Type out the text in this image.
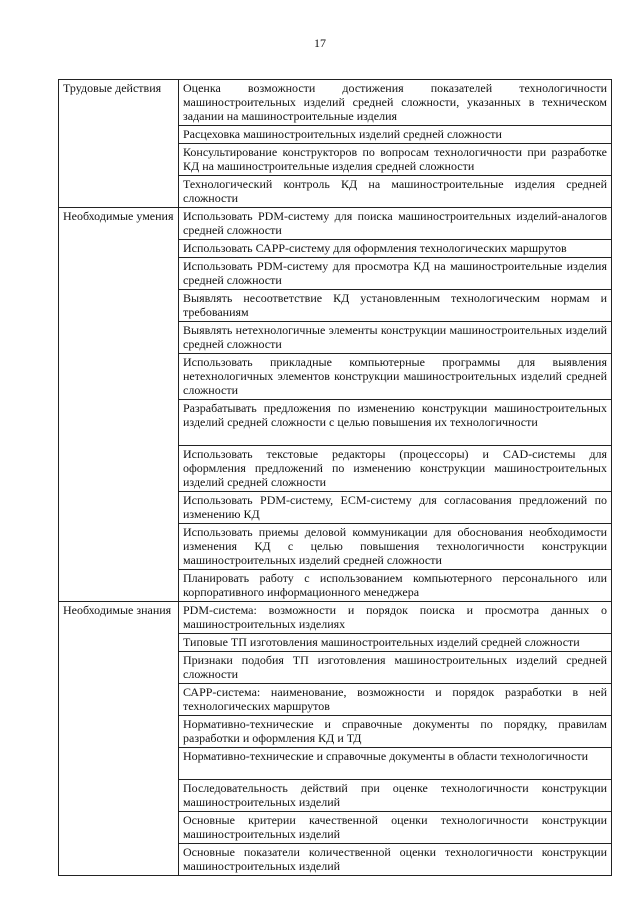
17
Трудовые действия	Оценка возможности достижения показателей технологичности машиностроительных изделий средней сложности, указанных в техническом задании на машиностроительные изделия
	Расцеховка машиностроительных изделий средней сложности
	Консультирование конструкторов по вопросам технологичности при разработке КД на машиностроительные изделия средней сложности
	Технологический контроль КД на машиностроительные изделия средней сложности
Необходимые умения	Использовать PDM-систему для поиска машиностроительных изделий-аналогов средней сложности
	Использовать САРР-систему для оформления технологических маршрутов
	Использовать PDM-систему для просмотра КД на машиностроительные изделия средней сложности
	Выявлять несоответствие КД установленным технологическим нормам и требованиям
	Выявлять нетехнологичные элементы конструкции машиностроительных изделий средней сложности
	Использовать прикладные компьютерные программы для выявления нетехнологичных элементов конструкции машиностроительных изделий средней сложности
	Разрабатывать предложения по изменению конструкции машиностроительных изделий средней сложности с целью повышения их технологичности
	Использовать текстовые редакторы (процессоры) и CAD-системы для оформления предложений по изменению конструкции машиностроительных изделий средней сложности
	Использовать PDM-систему, ЕСМ-систему для согласования предложений по изменению КД
	Использовать приемы деловой коммуникации для обоснования необходимости изменения КД с целью повышения технологичности конструкции машиностроительных изделий средней сложности
	Планировать работу с использованием компьютерного персонального или корпоративного информационного менеджера
Необходимые знания	PDM-система: возможности и порядок поиска и просмотра данных о машиностроительных изделиях
	Типовые ТП изготовления машиностроительных изделий средней сложности
	Признаки подобия ТП изготовления машиностроительных изделий средней сложности
	САРР-система: наименование, возможности и порядок разработки в ней технологических маршрутов
	Нормативно-технические и справочные документы по порядку, правилам разработки и оформления КД и ТД
	Нормативно-технические и справочные документы в области технологичности
	Последовательность действий при оценке технологичности конструкции машиностроительных изделий
	Основные критерии качественной оценки технологичности конструкции машиностроительных изделий
	Основные показатели количественной оценки технологичности конструкции машиностроительных изделий
